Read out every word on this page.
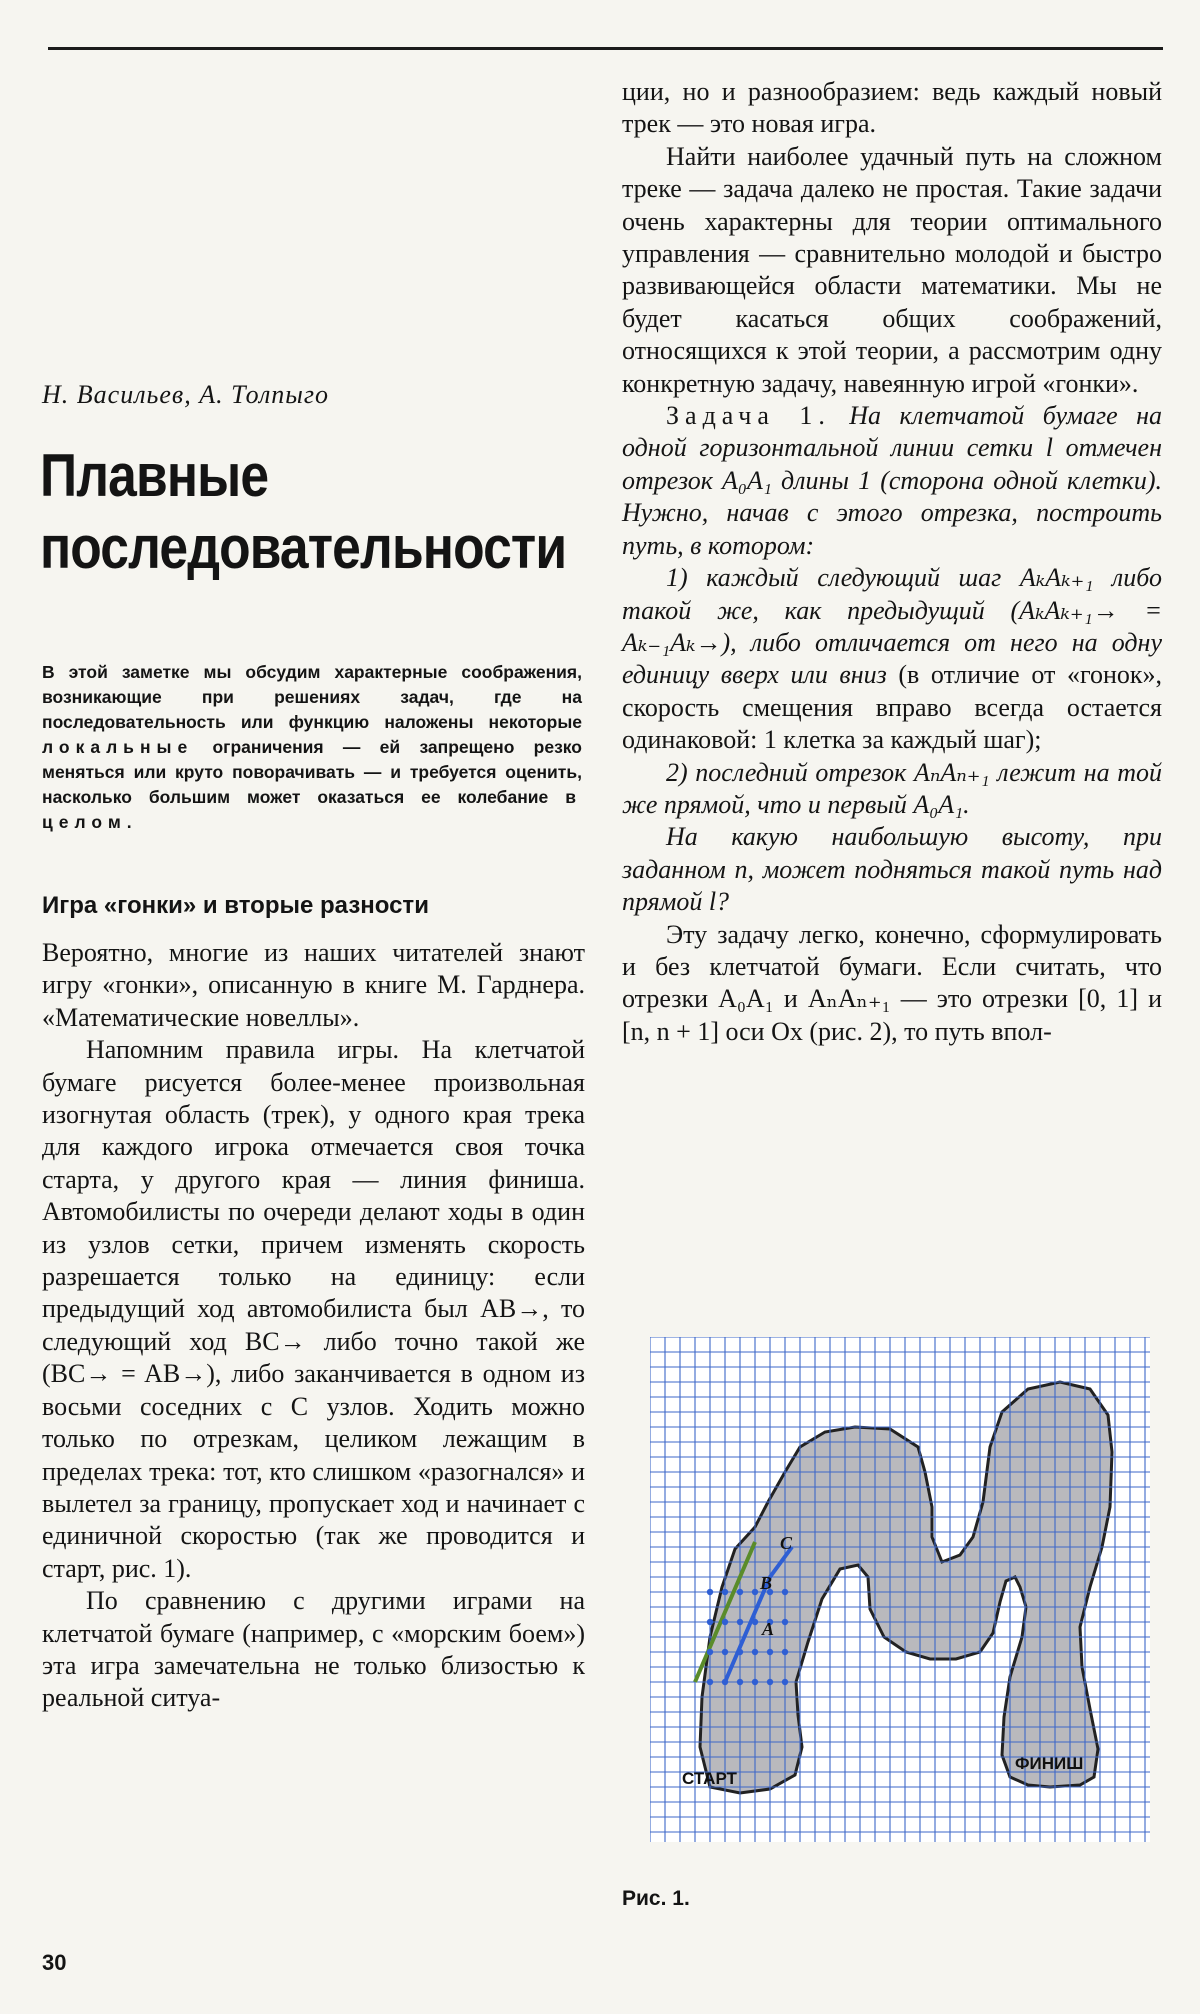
Н. Васильев, А. Толпыго
Плавные
последовательности
В этой заметке мы обсудим характерные соображения, возникающие при решениях задач, где на последовательность или функцию наложены некоторые локальные ограничения — ей запрещено резко меняться или круто поворачивать — и требуется оценить, насколько большим может оказаться ее колебание в целом.
Игра «гонки» и вторые разности

Вероятно, многие из наших читателей знают игру «гонки», описанную в книге М. Гарднера. «Математические новеллы».

Напомним правила игры. На клетчатой бумаге рисуется более-менее произвольная изогнутая область (трек), у одного края трека для каждого игрока отмечается своя точка старта, у другого края — линия финиша. Автомобилисты по очереди делают ходы в один из узлов сетки, причем изменять скорость разрешается только на единицу: если предыдущий ход автомобилиста был AB→, то следующий ход BC→ либо точно такой же (BC→ = AB→), либо заканчивается в одном из восьми соседних с C узлов. Ходить можно только по отрезкам, целиком лежащим в пределах трека: тот, кто слишком «разогнался» и вылетел за границу, пропускает ход и начинает с единичной скоростью (так же проводится и старт, рис. 1).

По сравнению с другими играми на клетчатой бумаге (например, с «морским боем») эта игра замечательна не только близостью к реальной ситуа-

ции, но и разнообразием: ведь каждый новый трек — это новая игра.

Найти наиболее удачный путь на сложном треке — задача далеко не простая. Такие задачи очень характерны для теории оптимального управления — сравнительно молодой и быстро развивающейся области математики. Мы не будет касаться общих соображений, относящихся к этой теории, а рассмотрим одну конкретную задачу, навеянную игрой «гонки».

Задача 1. На клетчатой бумаге на одной горизонтальной линии сетки l отмечен отрезок A₀A₁ длины 1 (сторона одной клетки). Нужно, начав с этого отрезка, построить путь, в котором:

1) каждый следующий шаг AₖAₖ₊₁ либо такой же, как предыдущий (AₖAₖ₊₁→ = Aₖ₋₁Aₖ→), либо отличается от него на одну единицу вверх или вниз (в отличие от «гонок», скорость смещения вправо всегда остается одинаковой: 1 клетка за каждый шаг);

2) последний отрезок AₙAₙ₊₁ лежит на той же прямой, что и первый A₀A₁.

На какую наибольшую высоту, при заданном n, может подняться такой путь над прямой l?

Эту задачу легко, конечно, сформулировать и без клетчатой бумаги. Если считать, что отрезки A₀A₁ и AₙAₙ₊₁ — это отрезки [0, 1] и [n, n + 1] оси Ox (рис. 2), то путь впол-

A
B
C
СТАРТ
ФИНИШ
Рис. 1.
30
